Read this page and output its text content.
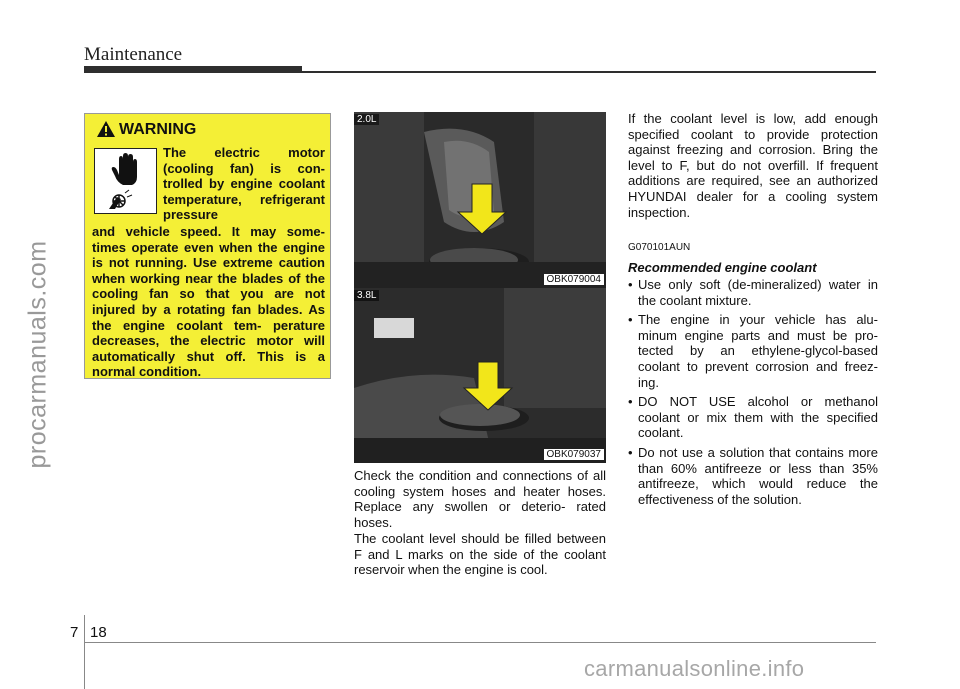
Maintenance
procarmanuals.com
carmanualsonline.info
WARNING
The electric motor (cooling fan) is con- trolled by engine coolant temperature, refrigerant pressure
and vehicle speed. It may some- times operate even when the engine is not running. Use extreme caution when working near the blades of the cooling fan so that you are not injured by a rotating fan blades. As the engine coolant tem- perature decreases, the electric motor will automatically shut off. This is a normal condition.
2.0L
OBK079004
3.8L
OBK079037
Check the condition and connections of all cooling system hoses and heater hoses. Replace any swollen or deterio- rated hoses.
The coolant level should be filled between F and L marks on the side of the coolant reservoir when the engine is cool.
If the coolant level is low, add enough specified coolant to provide protection against freezing and corrosion. Bring the level to F, but do not overfill. If frequent additions are required, see an authorized HYUNDAI dealer for a cooling system inspection.
G070101AUN
Recommended engine coolant
• Use only soft (de-mineralized) water in the coolant mixture.
• The engine in your vehicle has alu- minum engine parts and must be pro- tected by an ethylene-glycol-based coolant to prevent corrosion and freez- ing.
• DO NOT USE alcohol or methanol coolant or mix them with the specified coolant.
• Do not use a solution that contains more than 60% antifreeze or less than 35% antifreeze, which would reduce the effectiveness of the solution.
7 18
